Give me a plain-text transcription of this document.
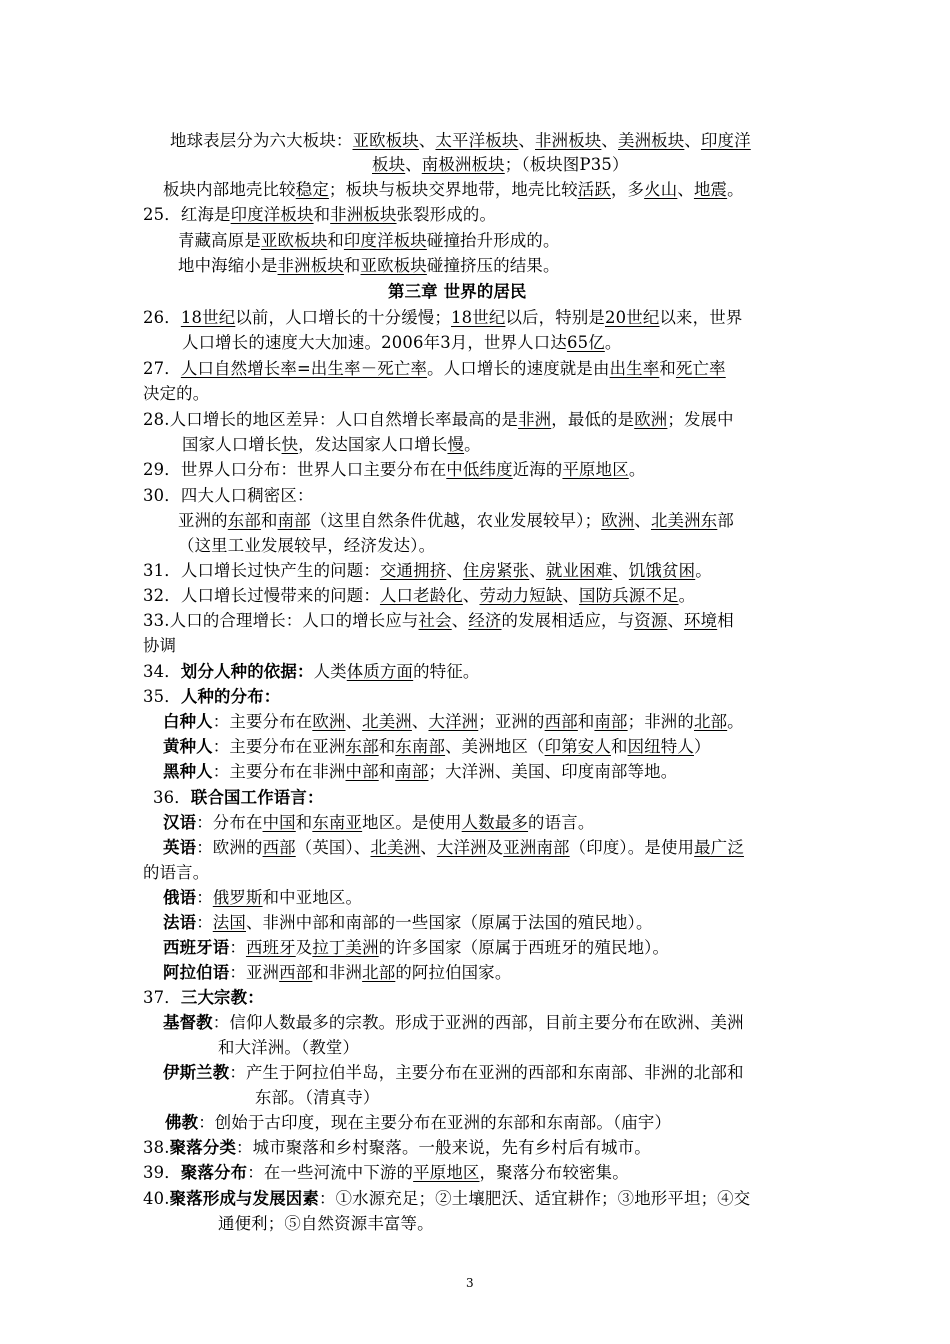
地球表层分为六大板块：亚欧板块、太平洋板块、非洲板块、美洲板块、印度洋
板块、南极洲板块；（板块图P35）
板块内部地壳比较稳定；板块与板块交界地带，地壳比较活跃，多火山、地震。
25．红海是印度洋板块和非洲板块张裂形成的。
青藏高原是亚欧板块和印度洋板块碰撞抬升形成的。
地中海缩小是非洲板块和亚欧板块碰撞挤压的结果。
第三章 世界的居民
26．18世纪以前，人口增长的十分缓慢；18世纪以后，特别是20世纪以来，世界
人口增长的速度大大加速。2006年3月，世界人口达65亿。
27．人口自然增长率=出生率－死亡率。人口增长的速度就是由出生率和死亡率
决定的。
28.人口增长的地区差异：人口自然增长率最高的是非洲，最低的是欧洲；发展中
国家人口增长快，发达国家人口增长慢。
29．世界人口分布：世界人口主要分布在中低纬度近海的平原地区。
30．四大人口稠密区：
亚洲的东部和南部（这里自然条件优越，农业发展较早）；欧洲、北美洲东部
（这里工业发展较早，经济发达）。
31．人口增长过快产生的问题：交通拥挤、住房紧张、就业困难、饥饿贫困。
32．人口增长过慢带来的问题：人口老龄化、劳动力短缺、国防兵源不足。
33.人口的合理增长：人口的增长应与社会、经济的发展相适应，与资源、环境相
协调
34．划分人种的依据：人类体质方面的特征。
35．人种的分布：
白种人：主要分布在欧洲、北美洲、大洋洲；亚洲的西部和南部；非洲的北部。
黄种人：主要分布在亚洲东部和东南部、美洲地区（印第安人和因纽特人）
黑种人：主要分布在非洲中部和南部；大洋洲、美国、印度南部等地。
36．联合国工作语言：
汉语：分布在中国和东南亚地区。是使用人数最多的语言。
英语：欧洲的西部（英国）、北美洲、大洋洲及亚洲南部（印度）。是使用最广泛
的语言。
俄语：俄罗斯和中亚地区。
法语：法国、非洲中部和南部的一些国家（原属于法国的殖民地）。
西班牙语：西班牙及拉丁美洲的许多国家（原属于西班牙的殖民地）。
阿拉伯语：亚洲西部和非洲北部的阿拉伯国家。
37．三大宗教：
基督教：信仰人数最多的宗教。形成于亚洲的西部，目前主要分布在欧洲、美洲
和大洋洲。（教堂）
伊斯兰教：产生于阿拉伯半岛，主要分布在亚洲的西部和东南部、非洲的北部和
东部。（清真寺）
佛教：创始于古印度，现在主要分布在亚洲的东部和东南部。（庙宇）
38.聚落分类：城市聚落和乡村聚落。一般来说，先有乡村后有城市。
39．聚落分布：在一些河流中下游的平原地区，聚落分布较密集。
40.聚落形成与发展因素：①水源充足；②土壤肥沃、适宜耕作；③地形平坦；④交
通便利；⑤自然资源丰富等。
3
